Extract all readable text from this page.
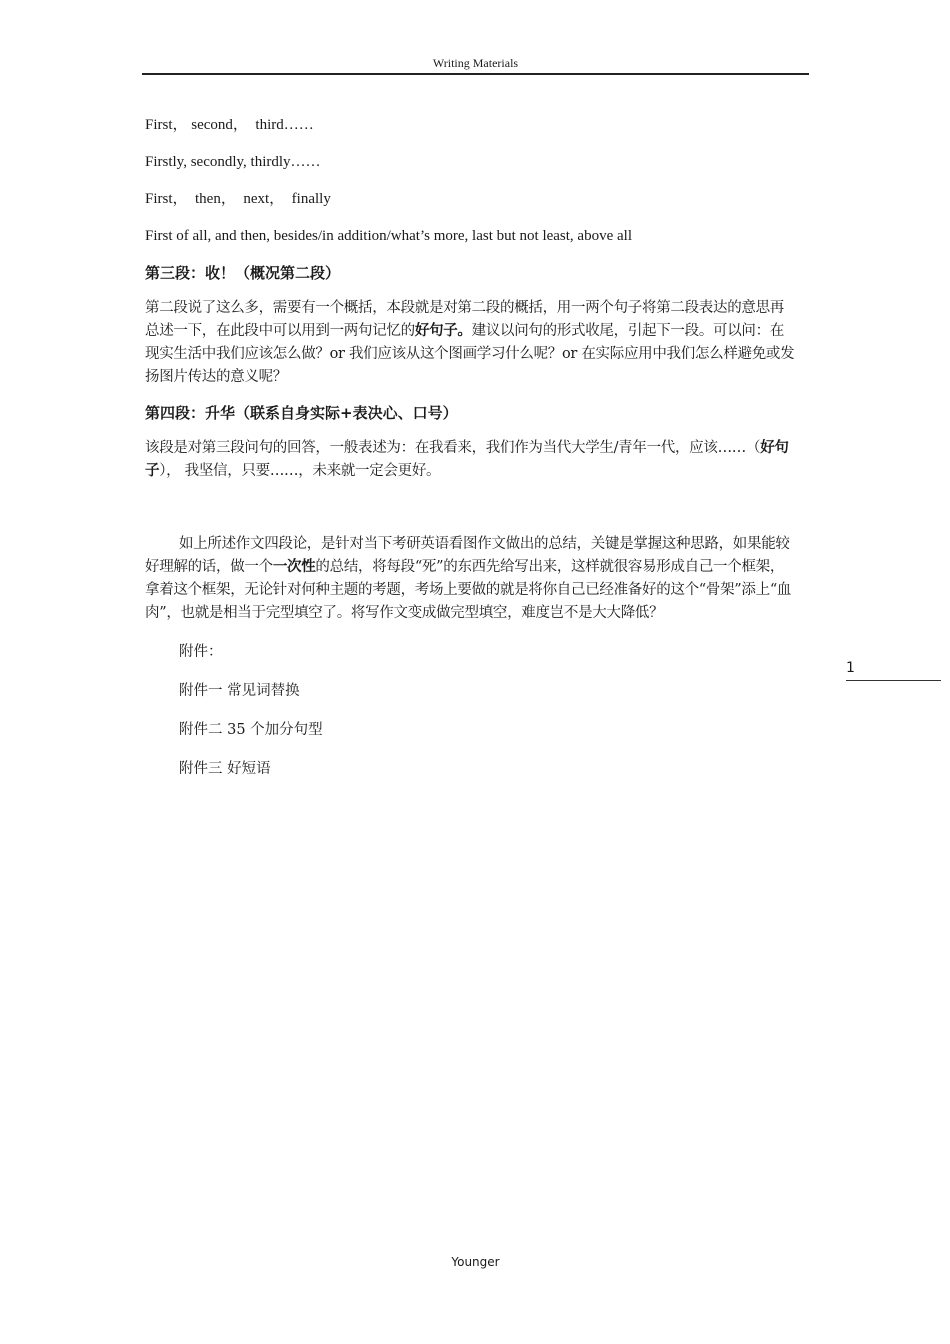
Writing Materials

First， second，  third……

Firstly, secondly, thirdly……

First，  then，  next，  finally

First of all, and then, besides/in addition/what’s more, last but not least, above all

第三段：收！（概况第二段）

第二段说了这么多，需要有一个概括，本段就是对第二段的概括，用一两个句子将第二段表达的意思再总述一下，在此段中可以用到一两句记忆的好句子。建议以问句的形式收尾，引起下一段。可以问：在现实生活中我们应该怎么做？or 我们应该从这个图画学习什么呢？or 在实际应用中我们怎么样避免或发扬图片传达的意义呢？

第四段：升华（联系自身实际+表决心、口号）

该段是对第三段问句的回答，一般表述为：在我看来，我们作为当代大学生/青年一代，应该……（好句子）， 我坚信，只要……，未来就一定会更好。

如上所述作文四段论，是针对当下考研英语看图作文做出的总结，关键是掌握这种思路，如果能较好理解的话，做一个一次性的总结，将每段“死”的东西先给写出来，这样就很容易形成自己一个框架，拿着这个框架，无论针对何种主题的考题，考场上要做的就是将你自己已经准备好的这个“骨架”添上“血肉”，也就是相当于完型填空了。将写作文变成做完型填空，难度岂不是大大降低？

附件：

附件一 常见词替换

附件二 35 个加分句型

附件三 好短语

1
Younger
